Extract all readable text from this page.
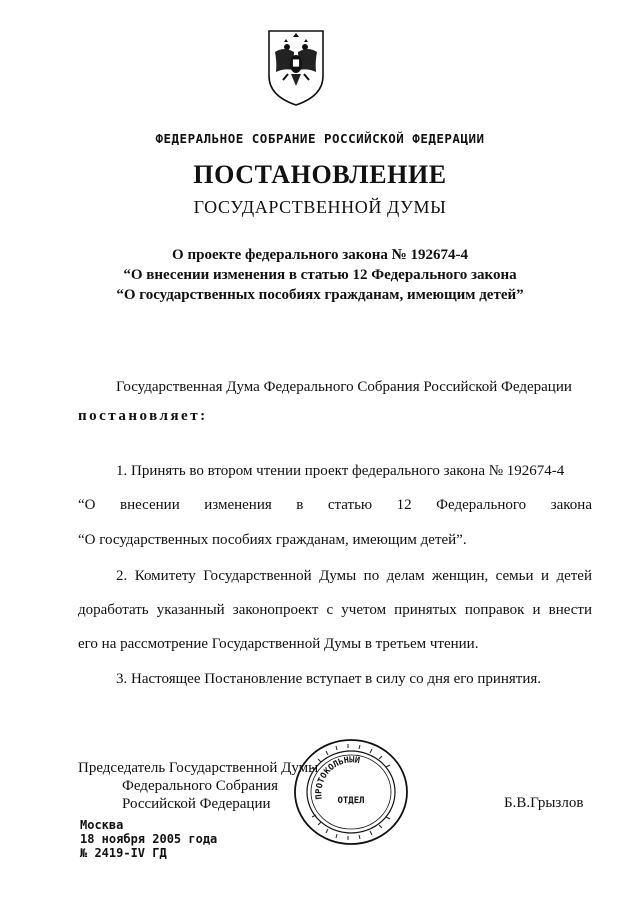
ФЕДЕРАЛЬНОЕ СОБРАНИЕ РОССИЙСКОЙ ФЕДЕРАЦИИ
ПОСТАНОВЛЕНИЕ
ГОСУДАРСТВЕННОЙ ДУМЫ
О проекте федерального закона № 192674-4
“О внесении изменения в статью 12 Федерального закона
“О государственных пособиях гражданам, имеющим детей”
Государственная Дума Федерального Собрания Российской Федерации
постановляет:
1. Принять во втором чтении проект федерального закона № 192674-4
“О внесении изменения в статью 12 Федерального закона
“О государственных пособиях гражданам, имеющим детей”.
2. Комитету Государственной Думы по делам женщин, семьи и детей
доработать указанный законопроект с учетом принятых поправок и внести
его на рассмотрение Государственной Думы в третьем чтении.
3. Настоящее Постановление вступает в силу со дня его принятия.
Председатель Государственной Думы
Федерального Собрания
Российской Федерации	Б.В.Грызлов
ПРОТОКОЛЬНЫЙ
ОТДЕЛ
Москва
18 ноября 2005 года
№ 2419-IV ГД
